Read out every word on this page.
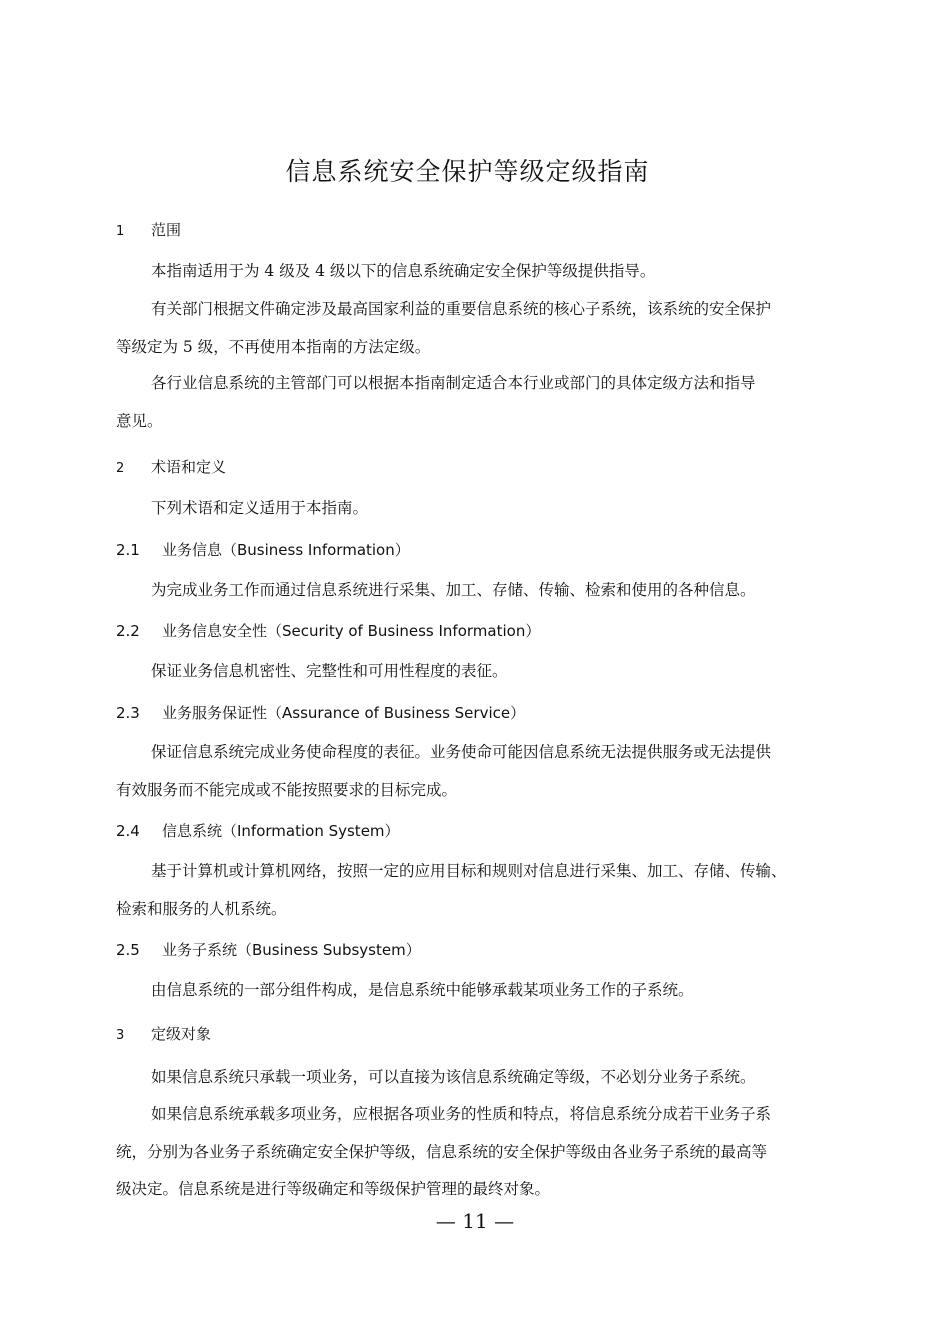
信息系统安全保护等级定级指南
1 范围
本指南适用于为 4 级及 4 级以下的信息系统确定安全保护等级提供指导。
有关部门根据文件确定涉及最高国家利益的重要信息系统的核心子系统，该系统的安全保护
等级定为 5 级，不再使用本指南的方法定级。
各行业信息系统的主管部门可以根据本指南制定适合本行业或部门的具体定级方法和指导
意见。
2 术语和定义
下列术语和定义适用于本指南。
2.1 业务信息（Business Information）
为完成业务工作而通过信息系统进行采集、加工、存储、传输、检索和使用的各种信息。
2.2 业务信息安全性（Security of Business Information）
保证业务信息机密性、完整性和可用性程度的表征。
2.3 业务服务保证性（Assurance of Business Service）
保证信息系统完成业务使命程度的表征。业务使命可能因信息系统无法提供服务或无法提供
有效服务而不能完成或不能按照要求的目标完成。
2.4 信息系统（Information System）
基于计算机或计算机网络，按照一定的应用目标和规则对信息进行采集、加工、存储、传输、
检索和服务的人机系统。
2.5 业务子系统（Business Subsystem）
由信息系统的一部分组件构成，是信息系统中能够承载某项业务工作的子系统。
3 定级对象
如果信息系统只承载一项业务，可以直接为该信息系统确定等级，不必划分业务子系统。
如果信息系统承载多项业务，应根据各项业务的性质和特点，将信息系统分成若干业务子系
统，分别为各业务子系统确定安全保护等级，信息系统的安全保护等级由各业务子系统的最高等
级决定。信息系统是进行等级确定和等级保护管理的最终对象。
— 11 —
